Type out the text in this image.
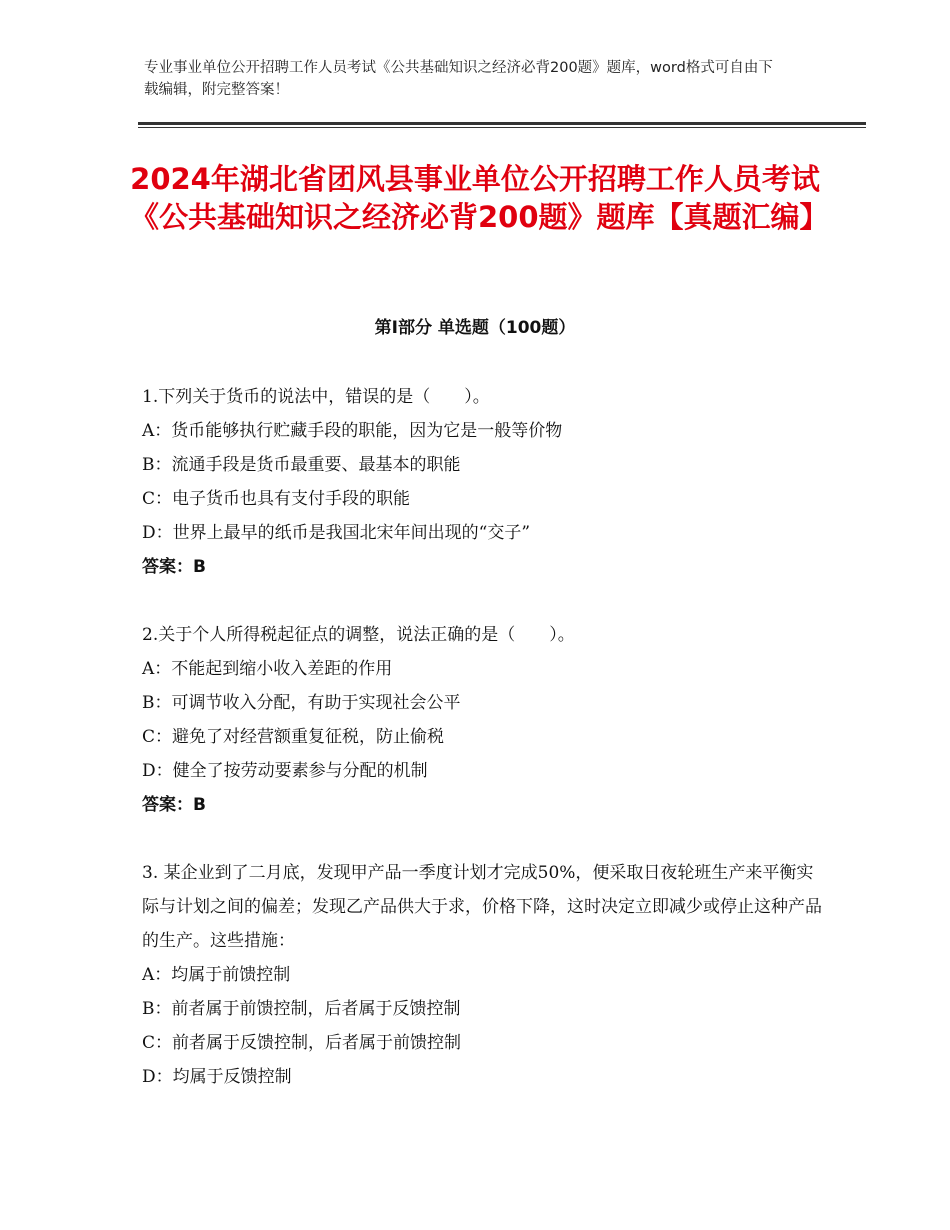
专业事业单位公开招聘工作人员考试《公共基础知识之经济必背200题》题库，word格式可自由下载编辑，附完整答案！
2024年湖北省团风县事业单位公开招聘工作人员考试《公共基础知识之经济必背200题》题库【真题汇编】
第Ⅰ部分 单选题（100题）

1.下列关于货币的说法中，错误的是（　　）。

A：货币能够执行贮藏手段的职能，因为它是一般等价物

B：流通手段是货币最重要、最基本的职能

C：电子货币也具有支付手段的职能

D：世界上最早的纸币是我国北宋年间出现的“交子”

答案：B

2.关于个人所得税起征点的调整，说法正确的是（　　）。

A：不能起到缩小收入差距的作用

B：可调节收入分配，有助于实现社会公平

C：避免了对经营额重复征税，防止偷税

D：健全了按劳动要素参与分配的机制

答案：B

3. 某企业到了二月底，发现甲产品一季度计划才完成50%，便采取日夜轮班生产来平衡实际与计划之间的偏差；发现乙产品供大于求，价格下降，这时决定立即减少或停止这种产品的生产。这些措施：

A：均属于前馈控制

B：前者属于前馈控制，后者属于反馈控制

C：前者属于反馈控制，后者属于前馈控制

D：均属于反馈控制
